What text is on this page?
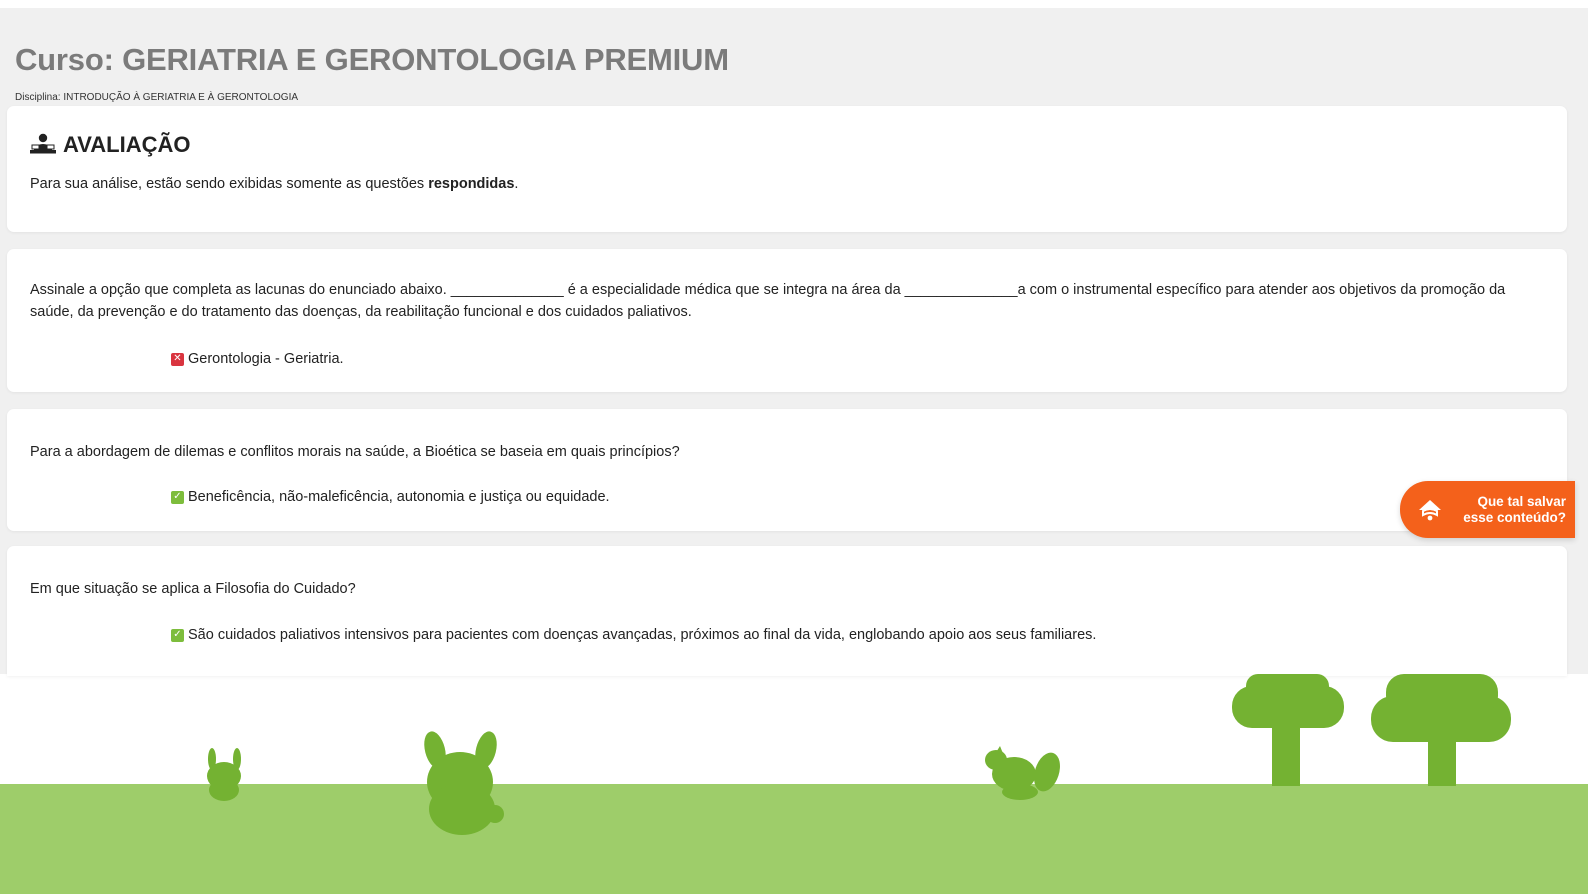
Curso: GERIATRIA E GERONTOLOGIA PREMIUM
Disciplina: INTRODUÇÃO À GERIATRIA E À GERONTOLOGIA
AVALIAÇÃO
Para sua análise, estão sendo exibidas somente as questões respondidas.
Assinale a opção que completa as lacunas do enunciado abaixo. ______________ é a especialidade médica que se integra na área da ______________a com o instrumental específico para atender aos objetivos da promoção da saúde, da prevenção e do tratamento das doenças, da reabilitação funcional e dos cuidados paliativos.
✕ Gerontologia - Geriatria.
Para a abordagem de dilemas e conflitos morais na saúde, a Bioética se baseia em quais princípios?
✓ Beneficência, não-maleficência, autonomia e justiça ou equidade.
Em que situação se aplica a Filosofia do Cuidado?
✓ São cuidados paliativos intensivos para pacientes com doenças avançadas, próximos ao final da vida, englobando apoio aos seus familiares.
Que tal salvar
esse conteúdo?
